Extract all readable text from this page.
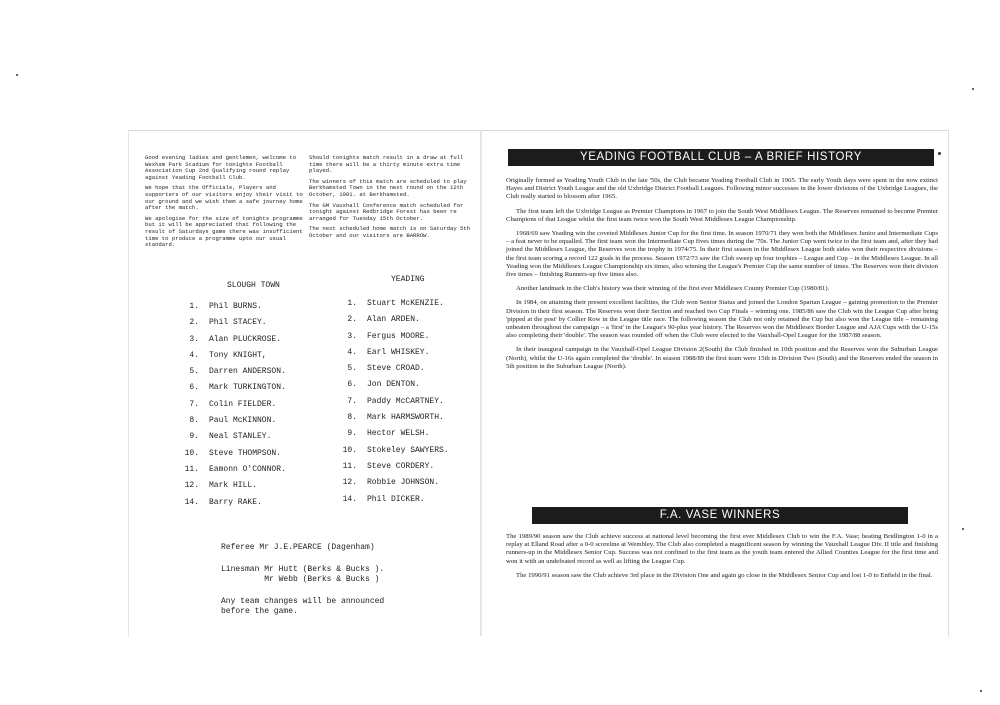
Good evening ladies and gentlemen, welcome to Wexham Park Stadium for tonights Football Association Cup 2nd Qualifying round replay against Yeading Football Club.

We hope that the Officials, Players and supporters of our visitors enjoy their visit to our ground and we wish them a safe journey home after the match.

We apologise for the size of tonights programme but it will be appreciated that following the result of Saturdays game there was insufficient time to produce a programme upto our usual standard.

Should tonights match result in a draw at full time there will be a thirty minute extra time played.

The winners of this match are scheduled to play Berkhamsted Town in the next round on the 12th October, 1991. at Berkhamsted.

The GM Vauxhall Conference match scheduled for tonight against Redbridge Forest has been re arranged for Tuesday 15th October.

The next scheduled home match is on Saturday 5th October and our visitors are BARROW.

SLOUGH TOWN
YEADING
1. Phil BURNS.
2. Phil STACEY.
3. Alan PLUCKROSE.
4. Tony KNIGHT,
5. Darren ANDERSON.
6. Mark TURKINGTON.
7. Colin FIELDER.
8. Paul McKINNON.
9. Neal STANLEY.
10. Steve THOMPSON.
11. Eamonn O'CONNOR.
12. Mark HILL.
14. Barry RAKE.
1. Stuart McKENZIE.
2. Alan ARDEN.
3. Fergus MOORE.
4. Earl WHISKEY.
5. Steve CROAD.
6. Jon DENTON.
7. Paddy McCARTNEY.
8. Mark HARMSWORTH.
9. Hector WELSH.
10. Stokeley SAWYERS.
11. Steve CORDERY.
12. Robbie JOHNSON.
14. Phil DICKER.

Referee Mr J.E.PEARCE (Dagenham)

Linesman Mr Hutt (Berks & Bucks ).

Mr Webb (Berks & Bucks )

Any team changes will be announced

before the game.

YEADING FOOTBALL CLUB – A BRIEF HISTORY

Originally formed as Yeading Youth Club in the late '50s, the Club became Yeading Football Club in 1965. The early Youth days were spent in the now extinct Hayes and District Youth League and the old Uxbridge District Football Leagues. Following minor successes in the lower divisions of the Uxbridge Leagues, the Club really started to blossom after 1965.

The first team left the Uxbridge League as Premier Champions in 1967 to join the South West Middlesex League. The Reserves remained to become Premier Champions of that League whilst the first team twice won the South West Middlesex League Championship.

1968/69 saw Yeading win the coveted Middlesex Junior Cup for the first time. In season 1970/71 they won both the Middlesex Junior and Intermediate Cups – a feat never to be equalled. The first team won the Intermediate Cup fives times during the '70s. The Junior Cup went twice to the first team and, after they had joined the Middlesex League, the Reserves won the trophy in 1974/75. In their first season in the Middlesex League both sides won their respective divisions – the first team scoring a record 122 goals in the process. Season 1972/73 saw the Club sweep up four trophies – League and Cup – in the Middlesex League. In all Yeading won the Middlesex League Championship six times, also winning the League's Premier Cup the same number of times. The Reserves won their division five times – finishing Runners-up five times also.

Another landmark in the Club's history was their winning of the first ever Middlesex County Premier Cup (1980/81).

In 1984, on attaining their present excellent facilities, the Club won Senior Status and joined the London Spartan League – gaining promotion to the Premier Division in their first season. The Reserves won their Section and reached two Cup Finals – winning one. 1985/86 saw the Club win the League Cup after being 'pipped at the post' by Collier Row in the League title race. The following season the Club not only retained the Cup but also won the League title – remaining unbeaten throughout the campaign – a 'first' in the League's 90-plus year history. The Reserves won the Middlesex Border League and AJA Cups with the U-15s also completing their 'double'. The season was rounded off when the Club were elected to the Vauxhall-Opel League for the 1987/88 season.

In their inaugural campaign in the Vauxhall-Opel League Division 2(South) the Club finished in 10th position and the Reserves won the Suburban League (North), whilst the U-16s again completed the 'double'. In season 1988/89 the first team were 15th in Division Two (South) and the Reserves ended the season in 5th position in the Suburban League (North).

F.A. VASE WINNERS

The 1989/90 season saw the Club achieve success at national level becoming the first ever Middlesex Club to win the F.A. Vase; beating Bridlington 1-0 in a replay at Elland Road after a 0-0 scoreline at Wembley. The Club also completed a magnificent season by winning the Vauxhall League Div. II title and finishing runners-up in the Middlesex Senior Cup. Success was not confined to the first team as the youth team entered the Allied Counties League for the first time and won it with an undefeated record as well as lifting the League Cup.

The 1990/91 season saw the Club achieve 3rd place in the Division One and again go close in the Middlesex Senior Cup and lost 1-0 to Enfield in the final.
